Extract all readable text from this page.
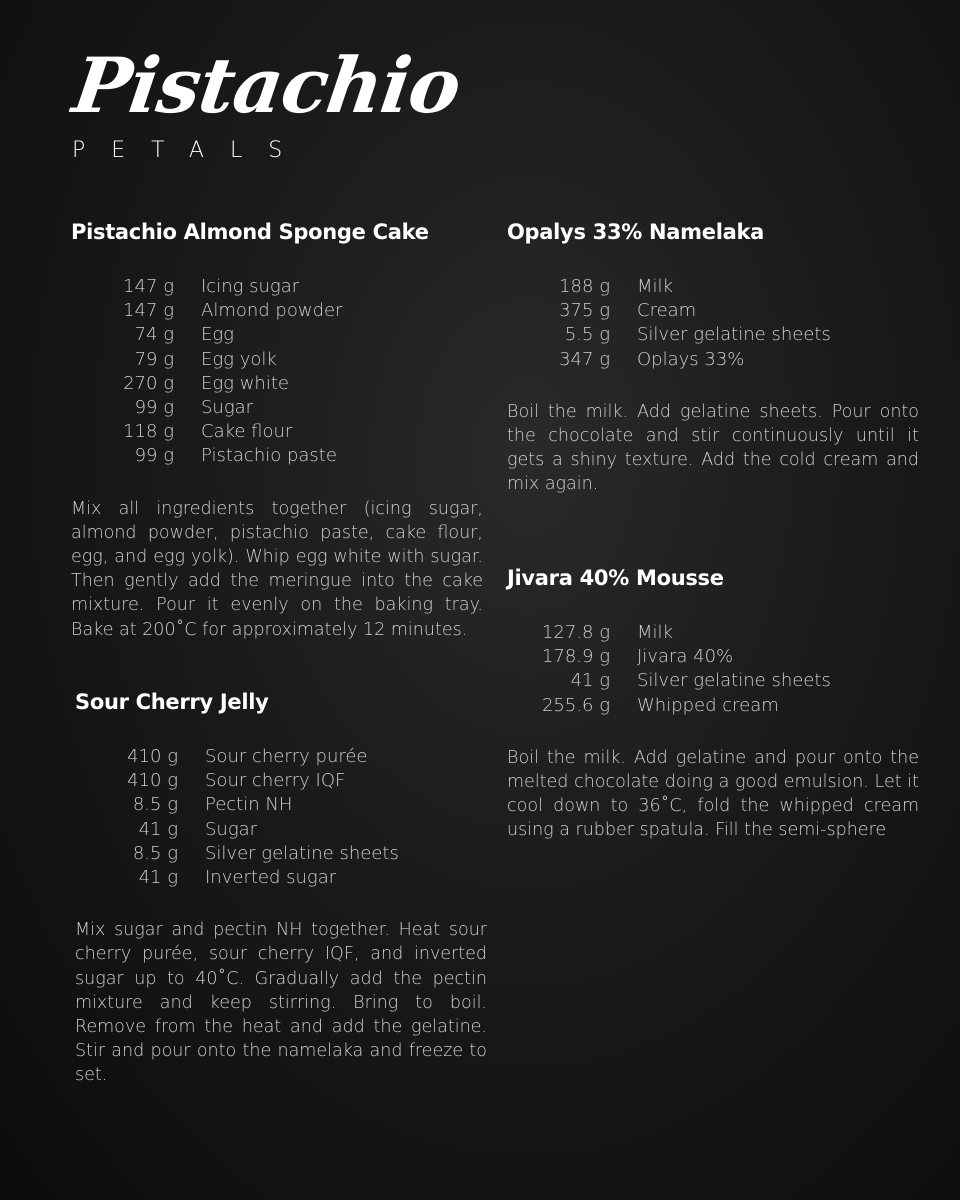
Pistachio
PETALS
Pistachio Almond Sponge Cake
147 g	Icing sugar
147 g	Almond powder
74 g	Egg
79 g	Egg yolk
270 g	Egg white
99 g	Sugar
118 g	Cake flour
99 g	Pistachio paste

Mix all ingredients together (icing sugar, almond powder, pistachio paste, cake flour, egg, and egg yolk). Whip egg white with sugar. Then gently add the meringue into the cake mixture. Pour it evenly on the baking tray. Bake at 200˚C for approximately 12 minutes.

Sour Cherry Jelly
410 g	Sour cherry purée
410 g	Sour cherry IQF
8.5 g	Pectin NH
41 g	Sugar
8.5 g	Silver gelatine sheets
41 g	Inverted sugar

Mix sugar and pectin NH together. Heat sour cherry purée, sour cherry IQF, and inverted sugar up to 40˚C. Gradually add the pectin mixture and keep stirring. Bring to boil. Remove from the heat and add the gelatine. Stir and pour onto the namelaka and freeze to set.

Opalys 33% Namelaka
188 g	Milk
375 g	Cream
5.5 g	Silver gelatine sheets
347 g	Oplays 33%

Boil the milk. Add gelatine sheets. Pour onto the chocolate and stir continuously until it gets a shiny texture. Add the cold cream and mix again.

Jivara 40% Mousse
127.8 g	Milk
178.9 g	Jivara 40%
41 g	Silver gelatine sheets
255.6 g	Whipped cream

Boil the milk. Add gelatine and pour onto the melted chocolate doing a good emulsion. Let it cool down to 36˚C, fold the whipped cream using a rubber spatula. Fill the semi-sphere
